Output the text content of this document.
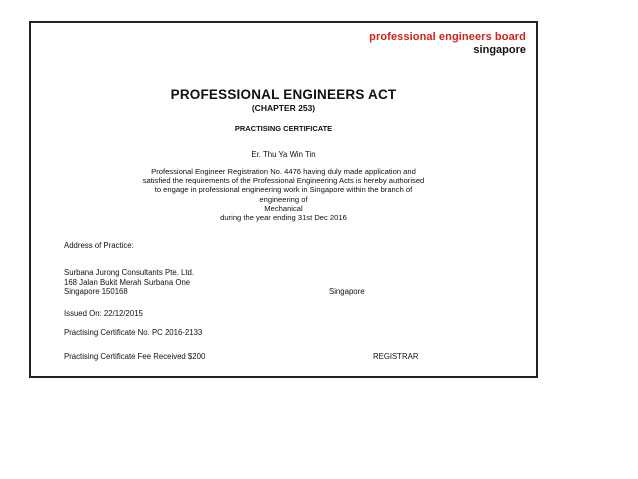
professional engineers board
singapore
PROFESSIONAL ENGINEERS ACT
(CHAPTER 253)
PRACTISING CERTIFICATE
Er. Thu Ya Win Tin
Professional Engineer Registration No. 4476 having duly made application and
satisfied the requirements of the Professional Engineering Acts is hereby authorised
to engage in professional engineering work in Singapore within the branch of
engineering of
Mechanical
during the year ending 31st Dec 2016
Address of Practice:
Surbana Jurong Consultants Pte. Ltd.
168 Jalan Bukit Merah Surbana One
Singapore 150168	Singapore
Issued On: 22/12/2015
Practising Certificate No. PC 2016-2133
Practising Certificate Fee Received $200	REGISTRAR
